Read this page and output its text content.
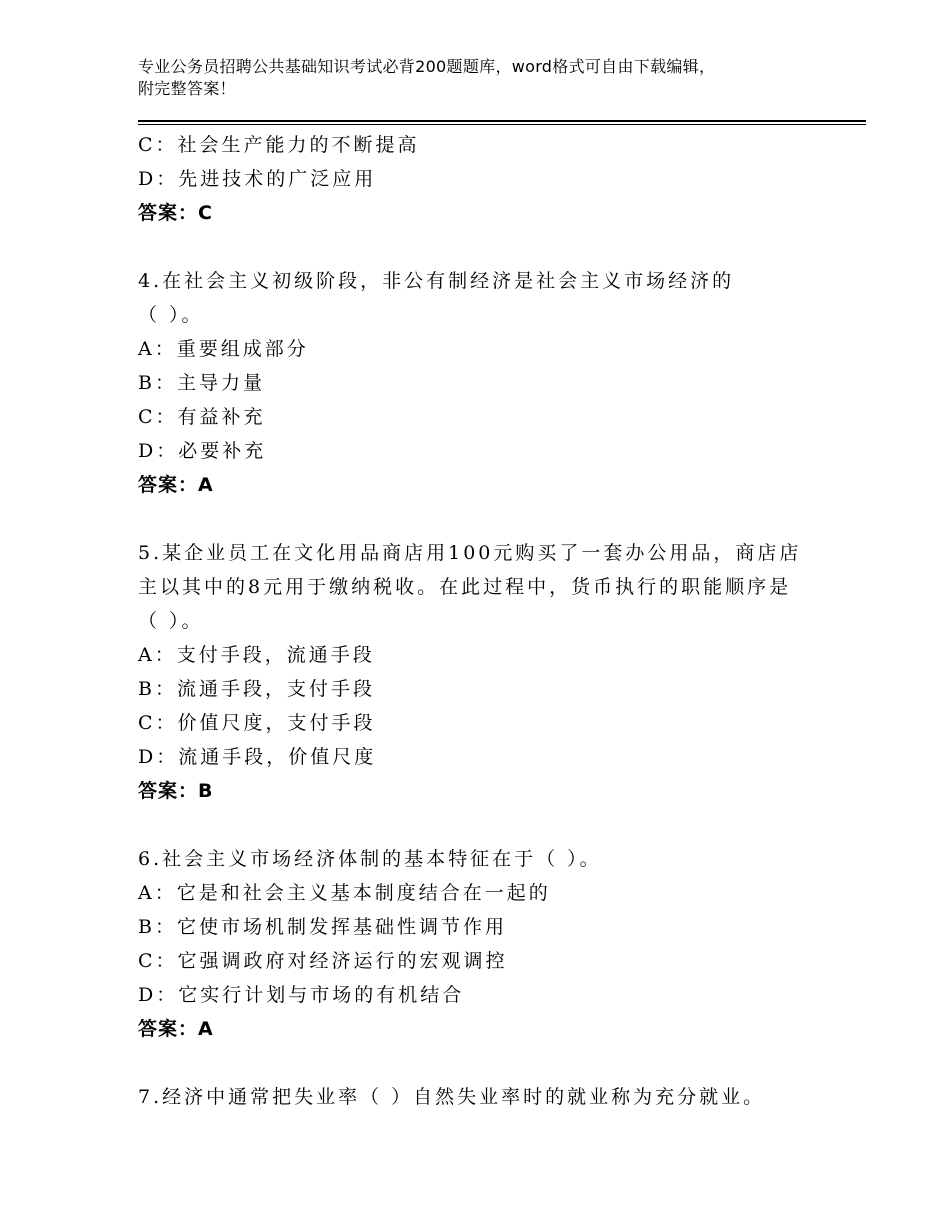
专业公务员招聘公共基础知识考试必背200题题库，word格式可自由下载编辑，
附完整答案！
C：社会生产能力的不断提高
D：先进技术的广泛应用
答案：C
4.在社会主义初级阶段，非公有制经济是社会主义市场经济的
（ ）。
A：重要组成部分
B：主导力量
C：有益补充
D：必要补充
答案：A
5.某企业员工在文化用品商店用100元购买了一套办公用品，商店店
主以其中的8元用于缴纳税收。在此过程中，货币执行的职能顺序是
（ ）。
A：支付手段，流通手段
B：流通手段，支付手段
C：价值尺度，支付手段
D：流通手段，价值尺度
答案：B
6.社会主义市场经济体制的基本特征在于（ ）。
A：它是和社会主义基本制度结合在一起的
B：它使市场机制发挥基础性调节作用
C：它强调政府对经济运行的宏观调控
D：它实行计划与市场的有机结合
答案：A
7.经济中通常把失业率（ ）自然失业率时的就业称为充分就业。
